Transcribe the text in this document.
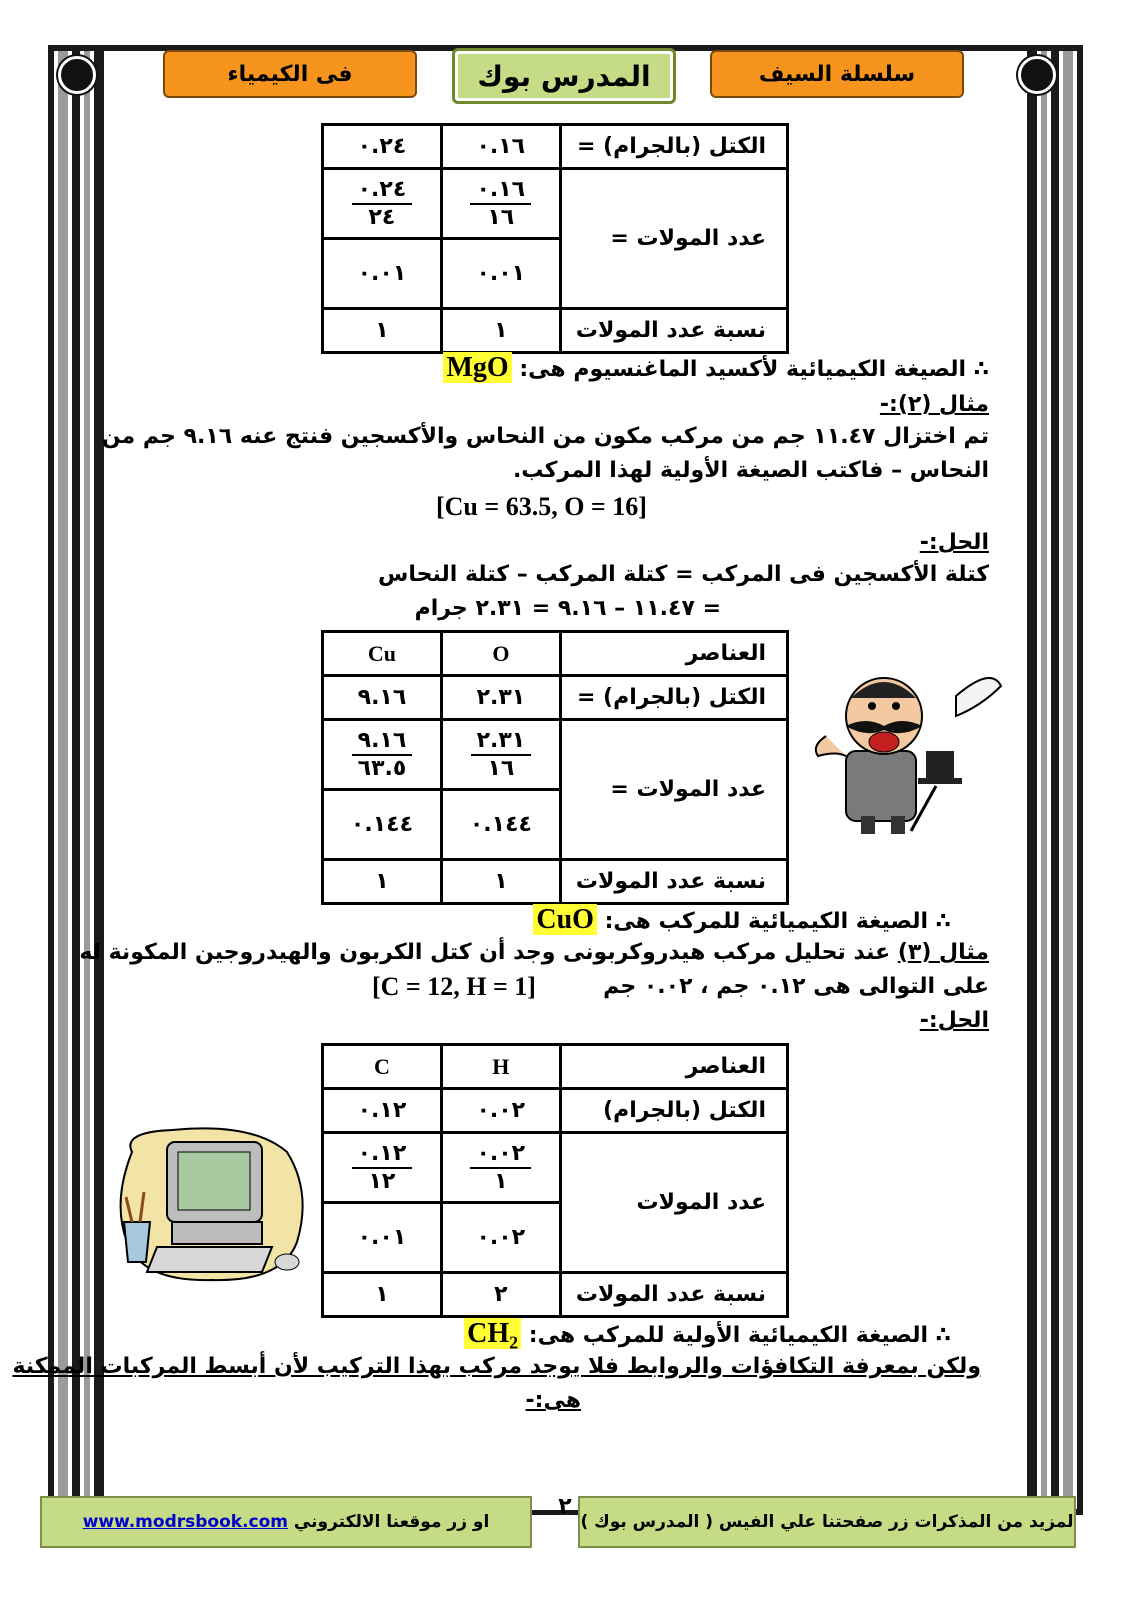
فى الكيمياء	المدرس بوك	سلسلة السيف
٠.٢٤	٠.١٦	الكتل (بالجرام) =

$\frac{٠.٢٤}{٢٤}$	$\frac{٠.١٦}{١٦}$	عدد المولات =
٠.٠١	٠.٠١	
١	١	نسبة عدد المولات
∴ الصيغة الكيميائية لأكسيد الماغنسيوم هى: MgO
مثال (٢):-
تم اختزال ١١.٤٧ جم من مركب مكون من النحاس والأكسجين فنتج عنه ٩.١٦ جم من
النحاس – فاكتب الصيغة الأولية لهذا المركب.
[Cu = 63.5, O = 16]
الحل:-
كتلة الأكسجين فى المركب = كتلة المركب – كتلة النحاس
= ١١.٤٧ – ٩.١٦ = ٢.٣١ جرام
Cu	O	العناصر
٩.١٦	٢.٣١	الكتل (بالجرام) =

$\frac{٩.١٦}{٦٣.٥}$	$\frac{٢.٣١}{١٦}$	عدد المولات =
٠.١٤٤	٠.١٤٤	
١	١	نسبة عدد المولات
∴ الصيغة الكيميائية للمركب هى: CuO
مثال (٣) عند تحليل مركب هيدروكربونى وجد أن كتل الكربون والهيدروجين المكونة له
على التوالى هى ٠.١٢ جم ، ٠.٠٢ جم
[C = 12, H = 1]
الحل:-
C	H	العناصر
٠.١٢	٠.٠٢	الكتل (بالجرام)

$\frac{٠.١٢}{١٢}$	$\frac{٠.٠٢}{١}$	عدد المولات
٠.٠١	٠.٠٢	
١	٢	نسبة عدد المولات
∴ الصيغة الكيميائية الأولية للمركب هى: $CH_2$
ولكن بمعرفة التكافؤات والروابط فلا يوجد مركب بهذا التركيب لأن أبسط المركبات الممكنة
هى:-
او زر موقعنا الالكتروني

www.modrsbook.com
٢
لمزيد من المذكرات زر صفحتنا علي الفيس ( المدرس بوك )
